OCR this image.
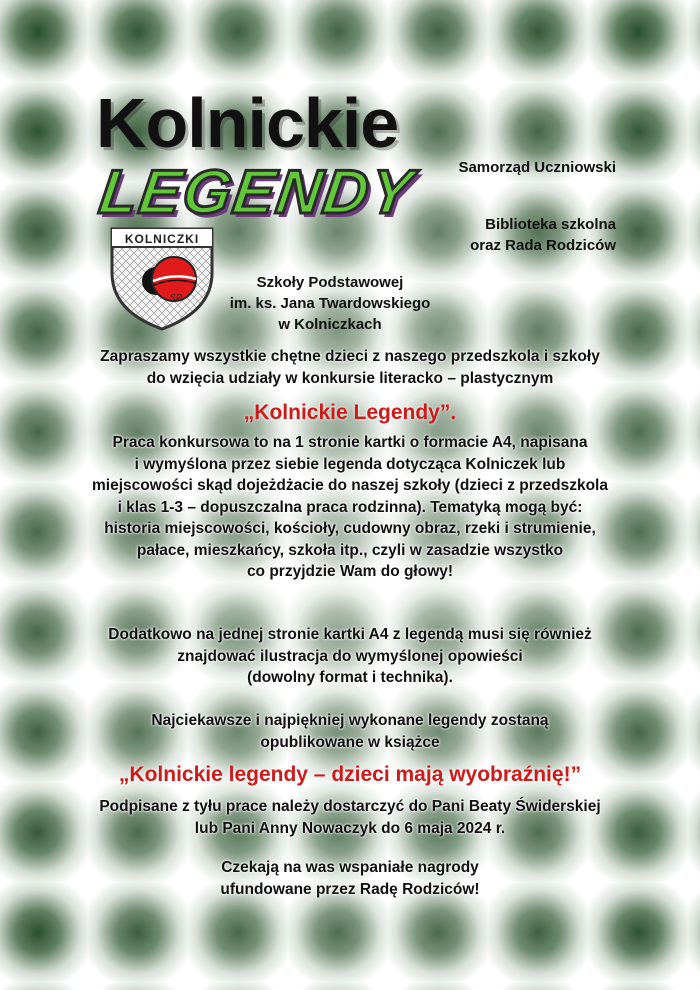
Kolnickie
LEGENDY
KOLNICZKI
SP
Samorząd Uczniowski
Biblioteka szkolna
oraz Rada Rodziców
Szkoły Podstawowej
im. ks. Jana Twardowskiego
w Kolniczkach
Zapraszamy wszystkie chętne dzieci z naszego przedszkola i szkoły
do wzięcia udziały w konkursie literacko – plastycznym
„Kolnickie Legendy”.
Praca konkursowa to na 1 stronie kartki o formacie A4, napisana
i wymyślona przez siebie legenda dotycząca Kolniczek lub
miejscowości skąd dojeżdżacie do naszej szkoły (dzieci z przedszkola
i klas 1-3 – dopuszczalna praca rodzinna). Tematyką mogą być:
historia miejscowości, kościoły, cudowny obraz, rzeki i strumienie,
pałace, mieszkańcy, szkoła itp., czyli w zasadzie wszystko
co przyjdzie Wam do głowy!
Dodatkowo na jednej stronie kartki A4 z legendą musi się również
znajdować ilustracja do wymyślonej opowieści
(dowolny format i technika).
Najciekawsze i najpiękniej wykonane legendy zostaną
opublikowane w książce
„Kolnickie legendy – dzieci mają wyobraźnię!”
Podpisane z tyłu prace należy dostarczyć do Pani Beaty Świderskiej
lub Pani Anny Nowaczyk do 6 maja 2024 r.
Czekają na was wspaniałe nagrody
ufundowane przez Radę Rodziców!
